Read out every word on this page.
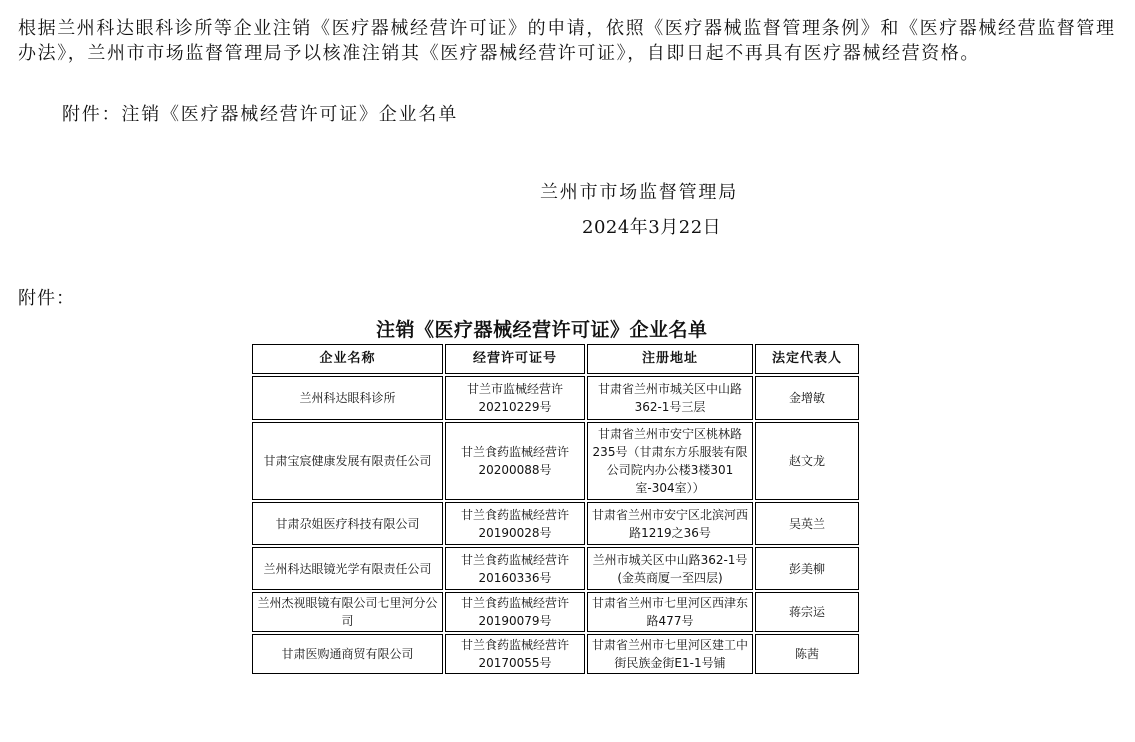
根据兰州科达眼科诊所等企业注销《医疗器械经营许可证》的申请，依照《医疗器械监督管理条例》和《医疗器械经营监督管理办法》，兰州市市场监督管理局予以核准注销其《医疗器械经营许可证》，自即日起不再具有医疗器械经营资格。
附件：注销《医疗器械经营许可证》企业名单
兰州市市场监督管理局
2024年3月22日
附件：
注销《医疗器械经营许可证》企业名单
企业名称	经营许可证号	注册地址	法定代表人
兰州科达眼科诊所	甘兰市监械经营许20210229号	甘肃省兰州市城关区中山路362-1号三层	金增敏
甘肃宝宸健康发展有限责任公司	甘兰食药监械经营许20200088号	甘肃省兰州市安宁区桃林路235号（甘肃东方乐服装有限公司院内办公楼3楼301室-304室））	赵文龙
甘肃尕姐医疗科技有限公司	甘兰食药监械经营许20190028号	甘肃省兰州市安宁区北滨河西路1219之36号	吴英兰
兰州科达眼镜光学有限责任公司	甘兰食药监械经营许20160336号	兰州市城关区中山路362-1号(金英商厦一至四层)	彭美柳
兰州杰视眼镜有限公司七里河分公司	甘兰食药监械经营许20190079号	甘肃省兰州市七里河区西津东路477号	蒋宗运
甘肃医购通商贸有限公司	甘兰食药监械经营许20170055号	甘肃省兰州市七里河区建工中街民族金街E1-1号铺	陈茜
